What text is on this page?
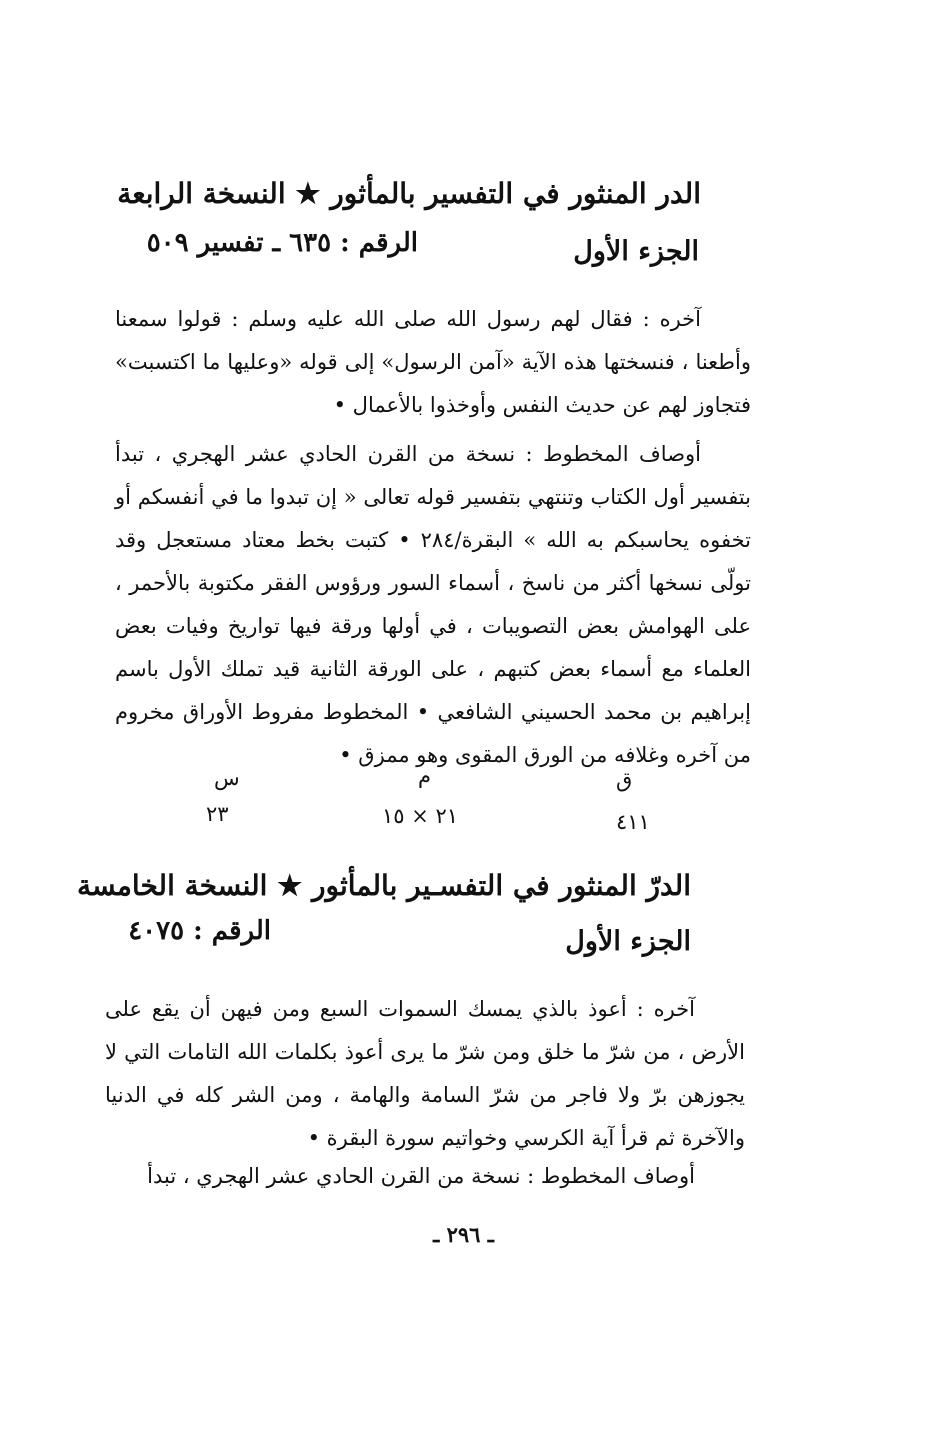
الدر المنثور في التفسير بالمأثور ★ النسخة الرابعة
الجزء الأول
الرقم : ٦٣٥ ـ تفسير ٥٠٩

آخره : فقال لهم رسول الله صلى الله عليه وسلم : قولوا سمعنا وأطعنا ، فنسختها هذه الآية «آمن الرسول» إلى قوله «وعليها ما اكتسبت» فتجاوز لهم عن حديث النفس وأوخذوا بالأعمال •

أوصاف المخطوط : نسخة من القرن الحادي عشر الهجري ، تبدأ بتفسير أول الكتاب وتنتهي بتفسير قوله تعالى « إن تبدوا ما في أنفسكم أو تخفوه يحاسبكم به الله » البقرة/٢٨٤ • كتبت بخط معتاد مستعجل وقد تولّى نسخها أكثر من ناسخ ، أسماء السور ورؤوس الفقر مكتوبة بالأحمر ، على الهوامش بعض التصويبات ، في أولها ورقة فيها تواريخ وفيات بعض العلماء مع أسماء بعض كتبهم ، على الورقة الثانية قيد تملك الأول باسم إبراهيم بن محمد الحسيني الشافعي • المخطوط مفروط الأوراق مخروم من آخره وغلافه من الورق المقوى وهو ممزق •

ق
م
س
٤١١
٢١ × ١٥
٢٣
الدرّ المنثور في التفسـير بالمأثور ★ النسخة الخامسة
الجزء الأول
الرقم : ٤٠٧٥

آخره : أعوذ بالذي يمسك السموات السبع ومن فيهن أن يقع على الأرض ، من شرّ ما خلق ومن شرّ ما يرى أعوذ بكلمات الله التامات التي لا يجوزهن برّ ولا فاجر من شرّ السامة والهامة ، ومن الشر كله في الدنيا والآخرة ثم قرأ آية الكرسي وخواتيم سورة البقرة •

أوصاف المخطوط : نسخة من القرن الحادي عشر الهجري ، تبدأ

ـ ٢٩٦ ـ
